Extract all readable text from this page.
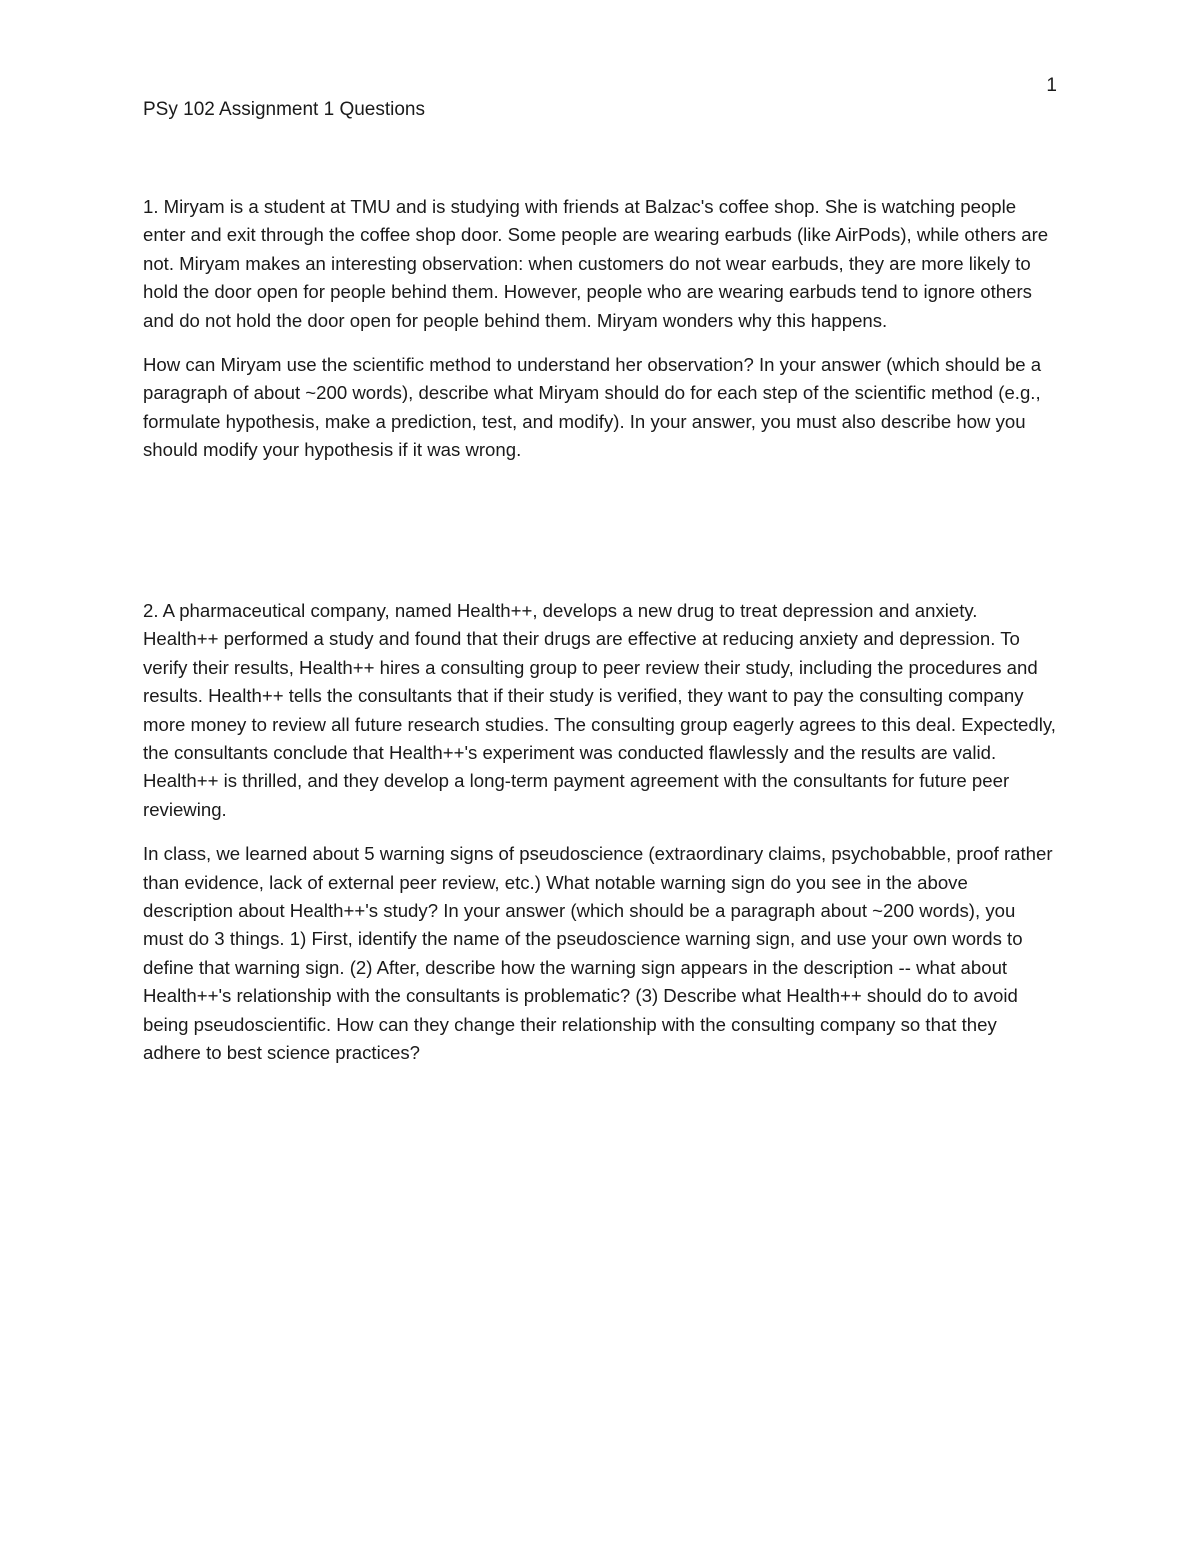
1
PSy 102 Assignment 1 Questions

1. Miryam is a student at TMU and is studying with friends at Balzac's coffee shop. She is watching people enter and exit through the coffee shop door. Some people are wearing earbuds (like AirPods), while others are not. Miryam makes an interesting observation: when customers do not wear earbuds, they are more likely to hold the door open for people behind them. However, people who are wearing earbuds tend to ignore others and do not hold the door open for people behind them. Miryam wonders why this happens.

How can Miryam use the scientific method to understand her observation? In your answer (which should be a paragraph of about ~200 words), describe what Miryam should do for each step of the scientific method (e.g., formulate hypothesis, make a prediction, test, and modify). In your answer, you must also describe how you should modify your hypothesis if it was wrong.

2. A pharmaceutical company, named Health++, develops a new drug to treat depression and anxiety. Health++ performed a study and found that their drugs are effective at reducing anxiety and depression. To verify their results, Health++ hires a consulting group to peer review their study, including the procedures and results. Health++ tells the consultants that if their study is verified, they want to pay the consulting company more money to review all future research studies. The consulting group eagerly agrees to this deal. Expectedly, the consultants conclude that Health++'s experiment was conducted flawlessly and the results are valid. Health++ is thrilled, and they develop a long-term payment agreement with the consultants for future peer reviewing.

In class, we learned about 5 warning signs of pseudoscience (extraordinary claims, psychobabble, proof rather than evidence, lack of external peer review, etc.) What notable warning sign do you see in the above description about Health++'s study? In your answer (which should be a paragraph about ~200 words), you must do 3 things. 1) First, identify the name of the pseudoscience warning sign, and use your own words to define that warning sign. (2) After, describe how the warning sign appears in the description -- what about Health++'s relationship with the consultants is problematic? (3) Describe what Health++ should do to avoid being pseudoscientific. How can they change their relationship with the consulting company so that they adhere to best science practices?
